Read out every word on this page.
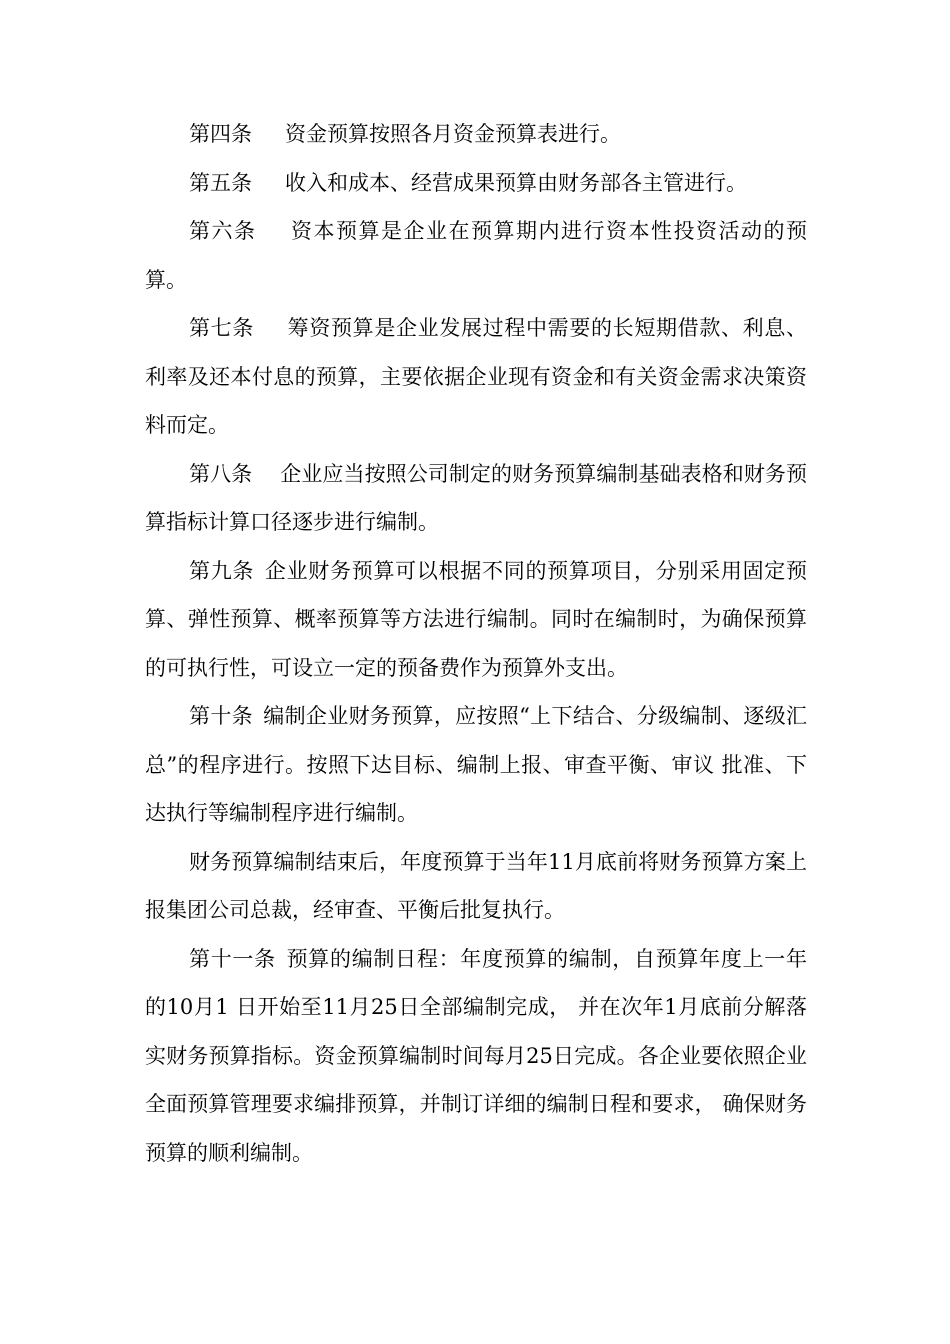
第四条 资金预算按照各月资金预算表进行。

第五条 收入和成本、经营成果预算由财务部各主管进行。

第六条 资本预算是企业在预算期内进行资本性投资活动的预算。

第七条 筹资预算是企业发展过程中需要的长短期借款、利息、利率及还本付息的预算，主要依据企业现有资金和有关资金需求决策资料而定。

第八条 企业应当按照公司制定的财务预算编制基础表格和财务预算指标计算口径逐步进行编制。

第九条 企业财务预算可以根据不同的预算项目，分别采用固定预算、弹性预算、概率预算等方法进行编制。同时在编制时，为确保预算的可执行性，可设立一定的预备费作为预算外支出。

第十条 编制企业财务预算，应按照“上下结合、分级编制、逐级汇总”的程序进行。按照下达目标、编制上报、审查平衡、审议 批准、下达执行等编制程序进行编制。

财务预算编制结束后，年度预算于当年11月底前将财务预算方案上报集团公司总裁，经审查、平衡后批复执行。

第十一条 预算的编制日程：年度预算的编制，自预算年度上一年的10月1 日开始至11月25日全部编制完成， 并在次年1月底前分解落实财务预算指标。资金预算编制时间每月25日完成。各企业要依照企业全面预算管理要求编排预算，并制订详细的编制日程和要求， 确保财务预算的顺利编制。
